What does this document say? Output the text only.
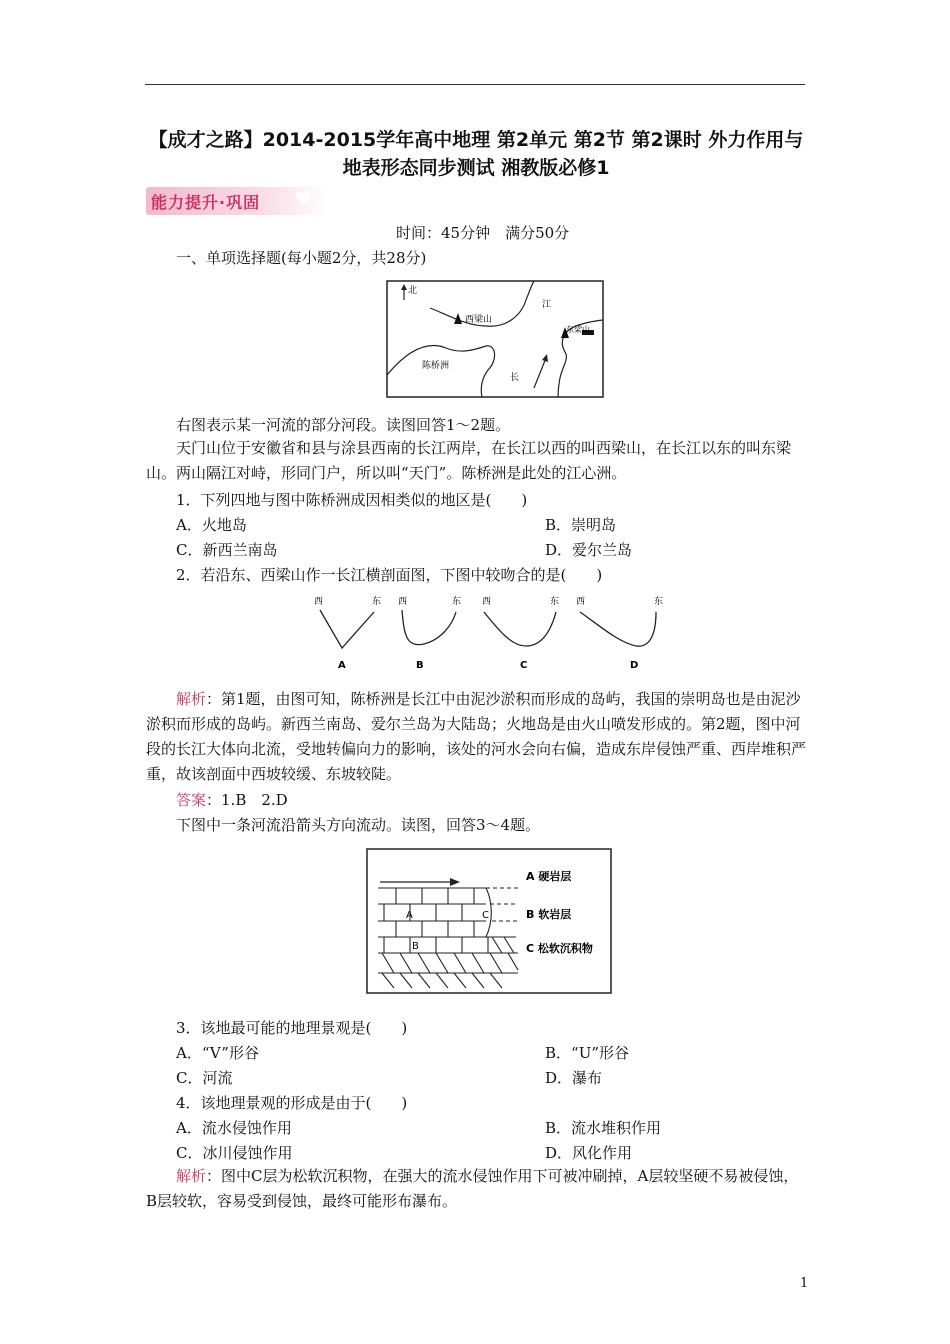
【成才之路】2014-2015学年高中地理 第2单元 第2节 第2课时 外力作用与地表形态同步测试 湘教版必修1
能力提升·巩固 ♥
时间：45分钟　满分50分
一、单项选择题(每小题2分，共28分)
北
西梁山
江
东梁山
陈桥洲
长
右图表示某一河流的部分河段。读图回答1～2题。
天门山位于安徽省和县与涂县西南的长江两岸，在长江以西的叫西梁山，在长江以东的叫东梁山。两山隔江对峙，形同门户，所以叫“天门”。陈桥洲是此处的江心洲。
1．下列四地与图中陈桥洲成因相类似的地区是(　　)
A．火地岛	B．崇明岛
C．新西兰南岛	D．爱尔兰岛
2．若沿东、西梁山作一长江横剖面图，下图中较吻合的是(　　)
西	东 西	东 西	东 西	东
A	B	C	D
解析：第1题，由图可知，陈桥洲是长江中由泥沙淤积而形成的岛屿，我国的崇明岛也是由泥沙淤积而形成的岛屿。新西兰南岛、爱尔兰岛为大陆岛；火地岛是由火山喷发形成的。第2题，图中河段的长江大体向北流，受地转偏向力的影响，该处的河水会向右偏，造成东岸侵蚀严重、西岸堆积严重，故该剖面中西坡较缓、东坡较陡。
答案：1.B　2.D
下图中一条河流沿箭头方向流动。读图，回答3～4题。
A	C
B
A 硬岩层
B 软岩层
C 松软沉积物
3．该地最可能的地理景观是(　　)
A．“V”形谷	B．“U”形谷
C．河流	D．瀑布
4．该地理景观的形成是由于(　　)
A．流水侵蚀作用	B．流水堆积作用
C．冰川侵蚀作用	D．风化作用
解析：图中C层为松软沉积物，在强大的流水侵蚀作用下可被冲刷掉，A层较坚硬不易被侵蚀，B层较软，容易受到侵蚀，最终可能形布瀑布。
1
